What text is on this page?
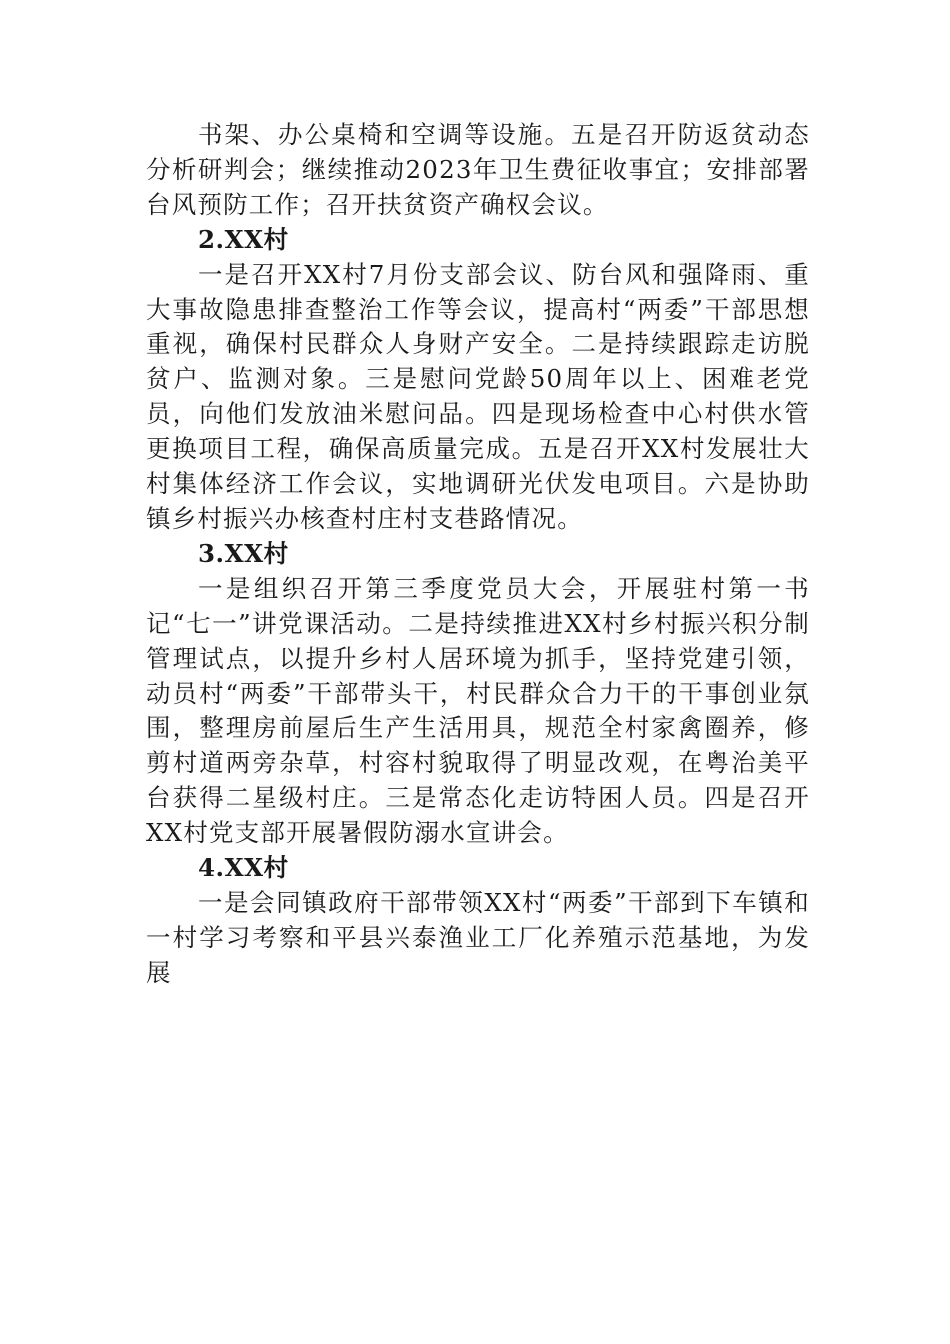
书架、办公桌椅和空调等设施。五是召开防返贫动态分析研判会；继续推动2023年卫生费征收事宜；安排部署台风预防工作；召开扶贫资产确权会议。

2.XX村

一是召开XX村7月份支部会议、防台风和强降雨、重大事故隐患排查整治工作等会议，提高村“两委”干部思想重视，确保村民群众人身财产安全。二是持续跟踪走访脱贫户、监测对象。三是慰问党龄50周年以上、困难老党员，向他们发放油米慰问品。四是现场检查中心村供水管更换项目工程，确保高质量完成。五是召开XX村发展壮大村集体经济工作会议，实地调研光伏发电项目。六是协助镇乡村振兴办核查村庄村支巷路情况。

3.XX村

一是组织召开第三季度党员大会，开展驻村第一书记“七一”讲党课活动。二是持续推进XX村乡村振兴积分制管理试点，以提升乡村人居环境为抓手，坚持党建引领，动员村“两委”干部带头干，村民群众合力干的干事创业氛围，整理房前屋后生产生活用具，规范全村家禽圈养，修剪村道两旁杂草，村容村貌取得了明显改观，在粤治美平台获得二星级村庄。三是常态化走访特困人员。四是召开XX村党支部开展暑假防溺水宣讲会。

4.XX村

一是会同镇政府干部带领XX村“两委”干部到下车镇和一村学习考察和平县兴泰渔业工厂化养殖示范基地，为发展
